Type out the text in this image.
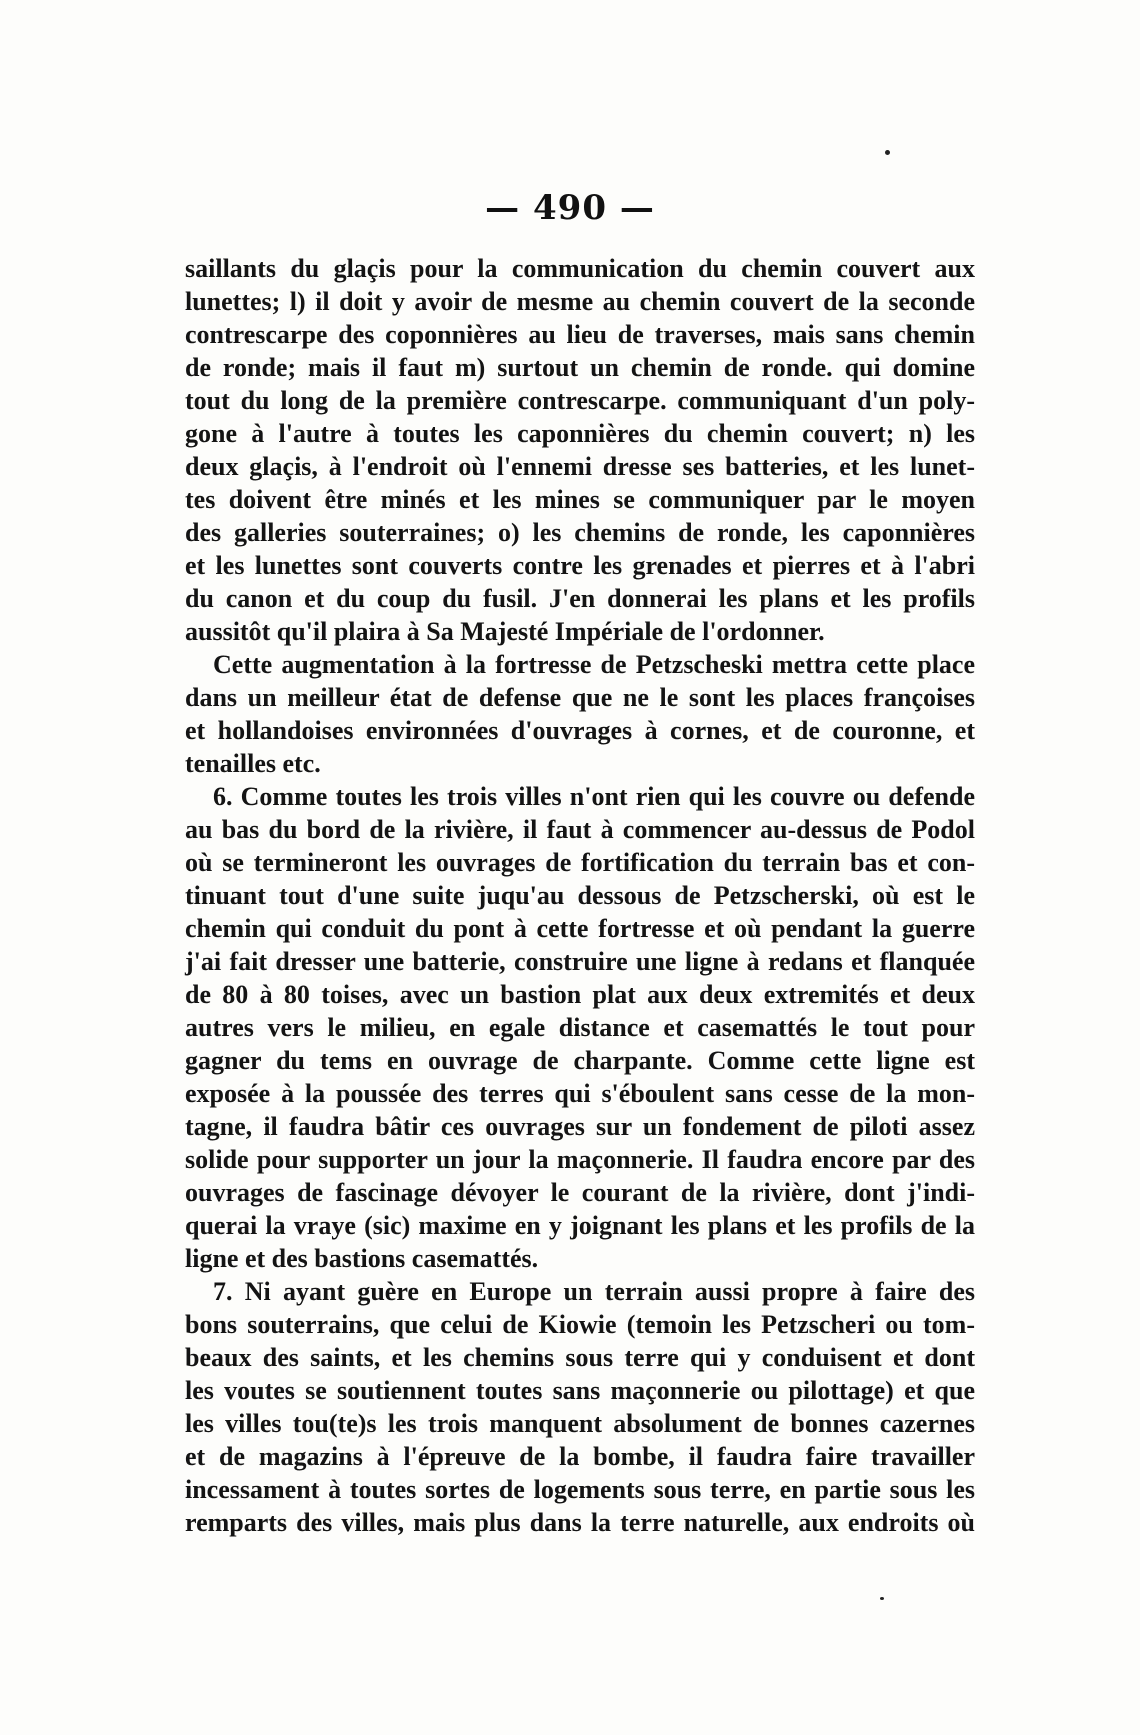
— 490 —
saillants du glaçis pour la communication du chemin couvert aux
lunettes; l) il doit y avoir de mesme au chemin couvert de la seconde
contrescarpe des coponnières au lieu de traverses, mais sans chemin
de ronde; mais il faut m) surtout un chemin de ronde. qui domine
tout du long de la première contrescarpe. communiquant d'un poly-
gone à l'autre à toutes les caponnières du chemin couvert; n) les
deux glaçis, à l'endroit où l'ennemi dresse ses batteries, et les lunet-
tes doivent être minés et les mines se communiquer par le moyen
des galleries souterraines; o) les chemins de ronde, les caponnières
et les lunettes sont couverts contre les grenades et pierres et à l'abri
du canon et du coup du fusil. J'en donnerai les plans et les profils
aussitôt qu'il plaira à Sa Majesté Impériale de l'ordonner.
Cette augmentation à la fortresse de Petzscheski mettra cette place
dans un meilleur état de defense que ne le sont les places françoises
et hollandoises environnées d'ouvrages à cornes, et de couronne, et
tenailles etc.
6. Comme toutes les trois villes n'ont rien qui les couvre ou defende
au bas du bord de la rivière, il faut à commencer au-dessus de Podol
où se termineront les ouvrages de fortification du terrain bas et con-
tinuant tout d'une suite juqu'au dessous de Petzscherski, où est le
chemin qui conduit du pont à cette fortresse et où pendant la guerre
j'ai fait dresser une batterie, construire une ligne à redans et flanquée
de 80 à 80 toises, avec un bastion plat aux deux extremités et deux
autres vers le milieu, en egale distance et casemattés le tout pour
gagner du tems en ouvrage de charpante. Comme cette ligne est
exposée à la poussée des terres qui s'éboulent sans cesse de la mon-
tagne, il faudra bâtir ces ouvrages sur un fondement de piloti assez
solide pour supporter un jour la maçonnerie. Il faudra encore par des
ouvrages de fascinage dévoyer le courant de la rivière, dont j'indi-
querai la vraye (sic) maxime en y joignant les plans et les profils de la
ligne et des bastions casemattés.
7. Ni ayant guère en Europe un terrain aussi propre à faire des
bons souterrains, que celui de Kiowie (temoin les Petzscheri ou tom-
beaux des saints, et les chemins sous terre qui y conduisent et dont
les voutes se soutiennent toutes sans maçonnerie ou pilottage) et que
les villes tou(te)s les trois manquent absolument de bonnes cazernes
et de magazins à l'épreuve de la bombe, il faudra faire travailler
incessament à toutes sortes de logements sous terre, en partie sous les
remparts des villes, mais plus dans la terre naturelle, aux endroits où
